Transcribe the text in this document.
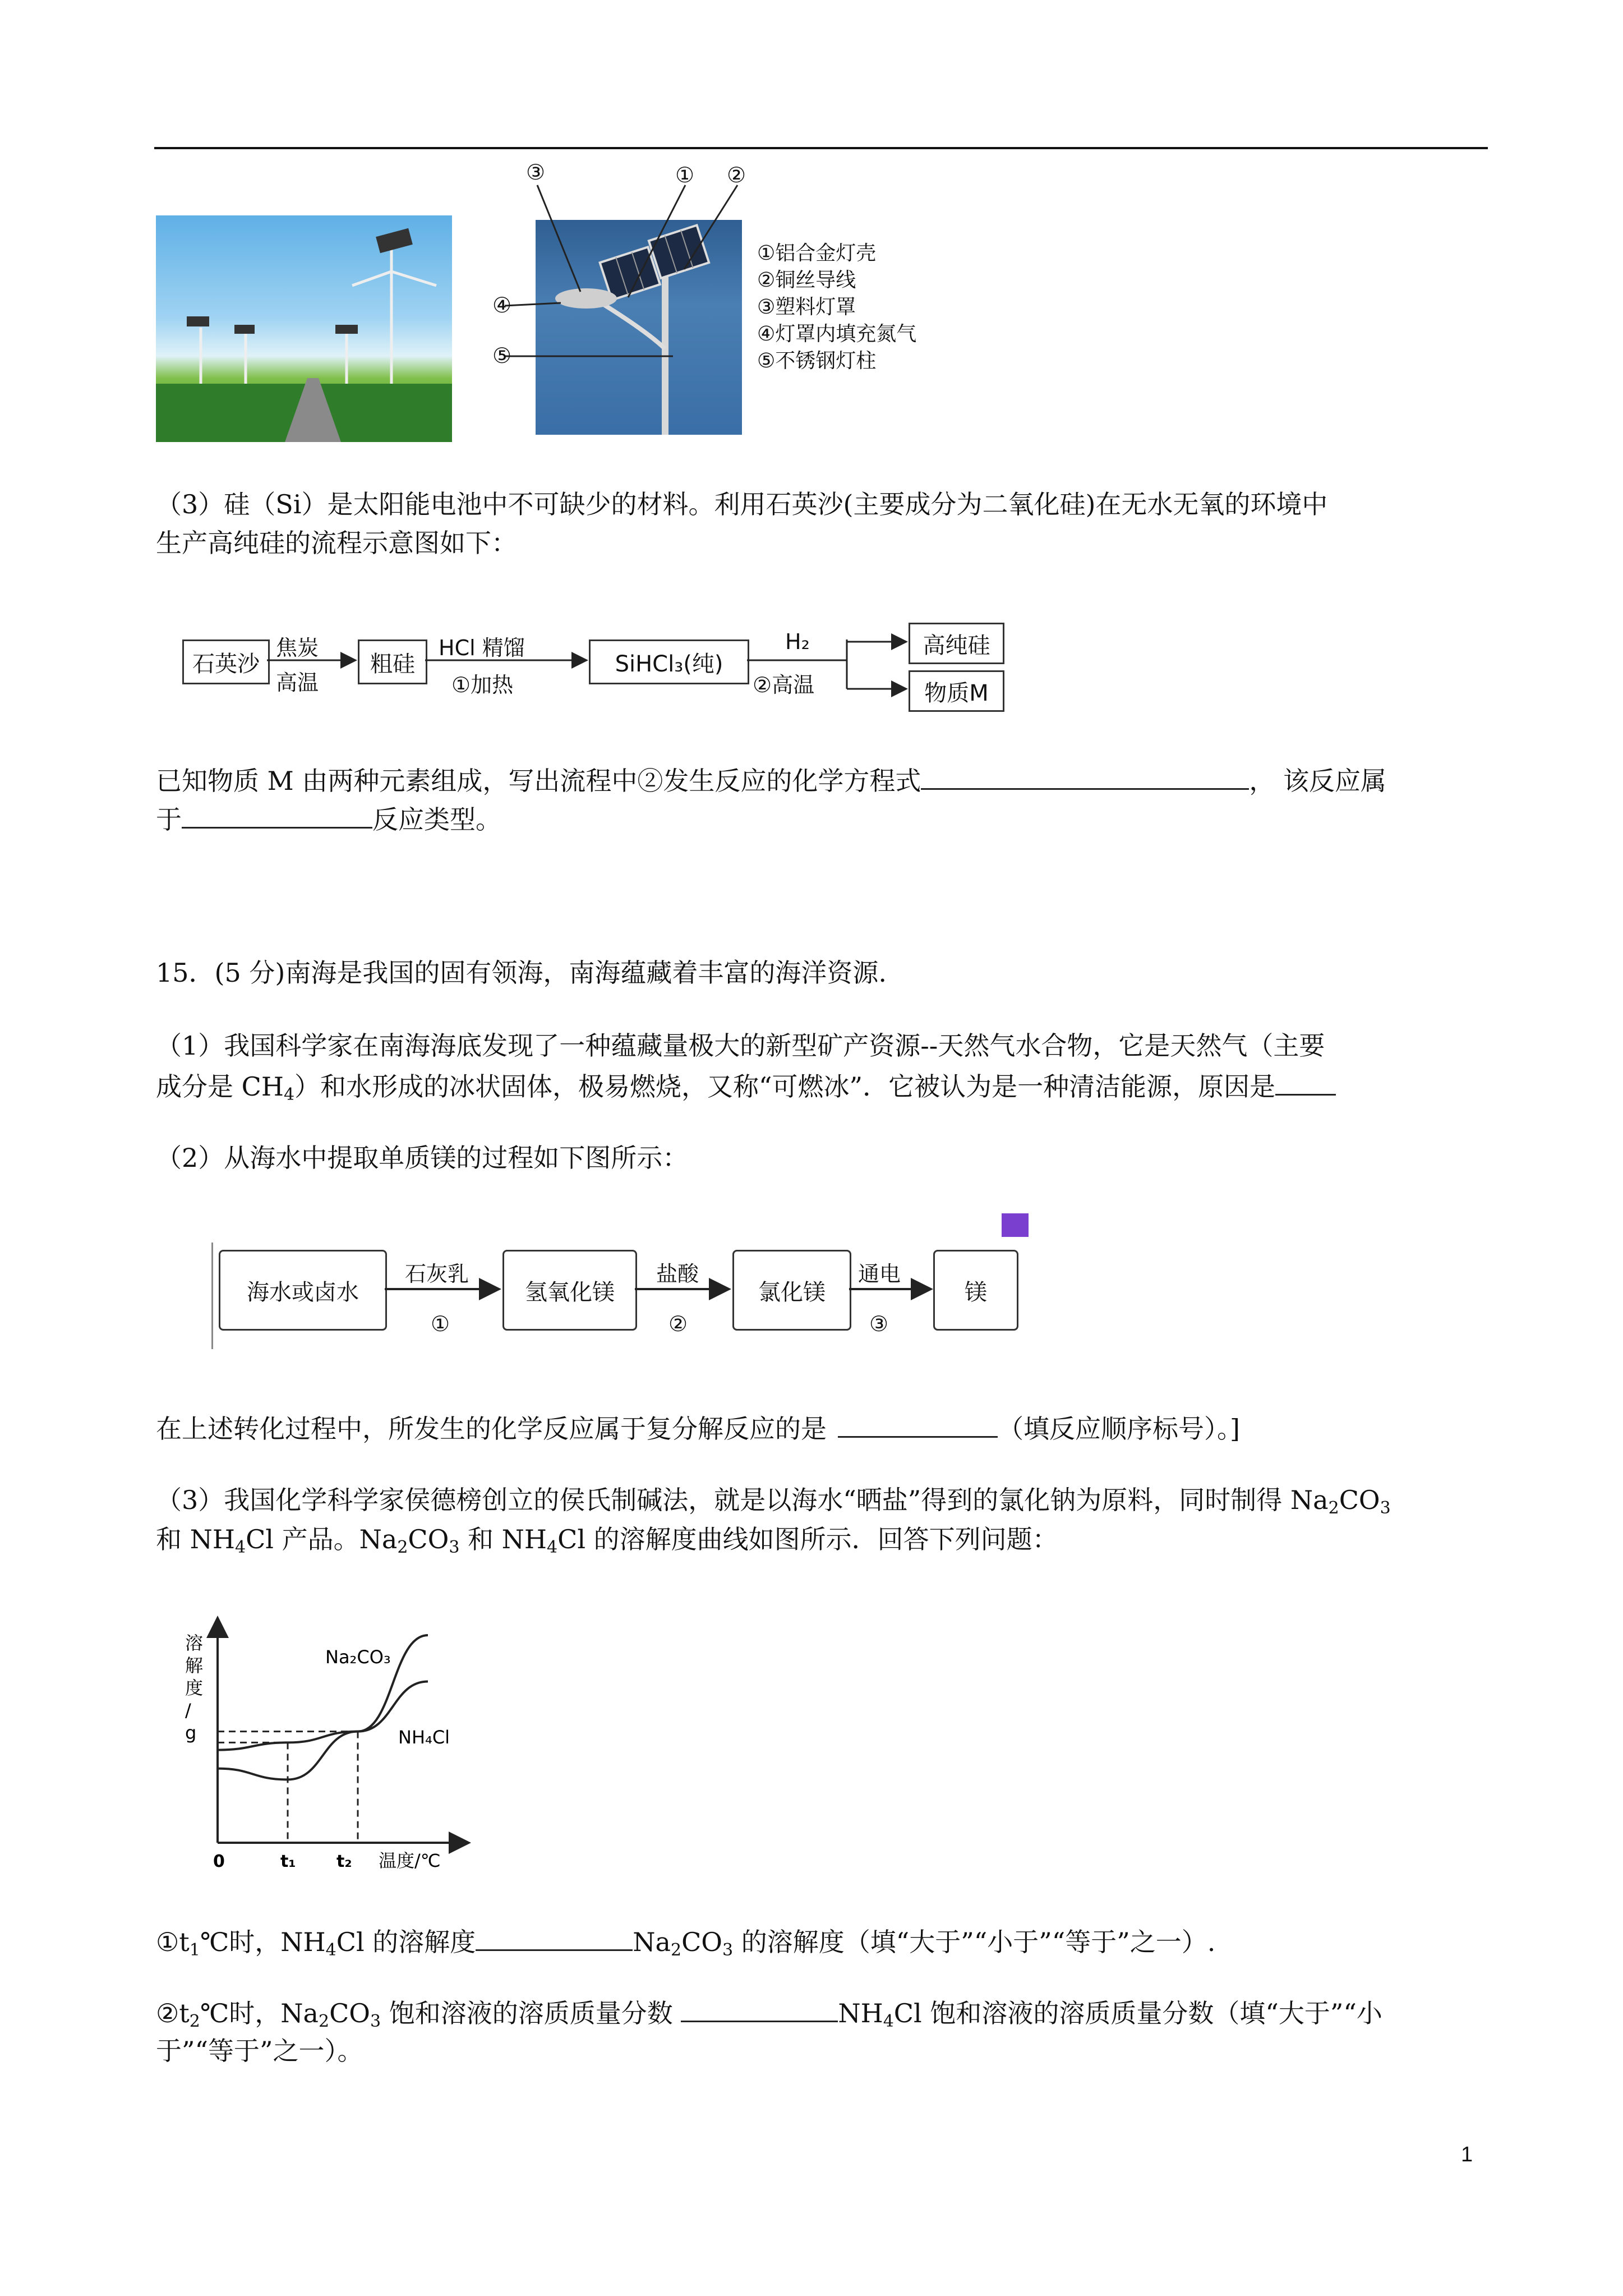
③	① ②
④
⑤
①铝合金灯壳
②铜丝导线
③塑料灯罩
④灯罩内填充氮气
⑤不锈钢灯柱
（3）硅（Si）是太阳能电池中不可缺少的材料。利用石英沙(主要成分为二氧化硅)在无水无氧的环境中
生产高纯硅的流程示意图如下：
石英沙
焦炭
高温
粗硅
HCl 精馏
①加热
SiHCl₃(纯)
H₂
②高温
高纯硅
物质M
已知物质 M 由两种元素组成，写出流程中②发生反应的化学方程式	， 该反应属
于	反应类型。
15．(5 分)南海是我国的固有领海，南海蕴藏着丰富的海洋资源.
（1）我国科学家在南海海底发现了一种蕴藏量极大的新型矿产资源--天然气水合物，它是天然气（主要
成分是 $CH_4$）和水形成的冰状固体，极易燃烧，又称“可燃冰”．它被认为是一种清洁能源，原因是
（2）从海水中提取单质镁的过程如下图所示：
海水或卤水
石灰乳
①
氢氧化镁
盐酸
②
氯化镁
通电
③
镁
在上述转化过程中，所发生的化学反应属于复分解反应的是	（填反应顺序标号）。]
（3）我国化学科学家侯德榜创立的侯氏制碱法，就是以海水“晒盐”得到的氯化钠为原料，同时制得 $Na_2CO_3$
和 $NH_4Cl$ 产品。$Na_2CO_3$ 和 $NH_4Cl$ 的溶解度曲线如图所示．回答下列问题：
溶
解
度
/
g
温度/℃
0	t₁ t₂
Na₂CO₃
NH₄Cl
$①t_1℃$时，$NH_4Cl$ 的溶解度	$Na_2CO_3$ 的溶解度（填“大于”“小于”“等于”之一）.
$②t_2℃$时，$Na_2CO_3$ 饱和溶液的溶质质量分数	$NH_4Cl$ 饱和溶液的溶质质量分数（填“大于”“小
于”“等于”之一）。
1
